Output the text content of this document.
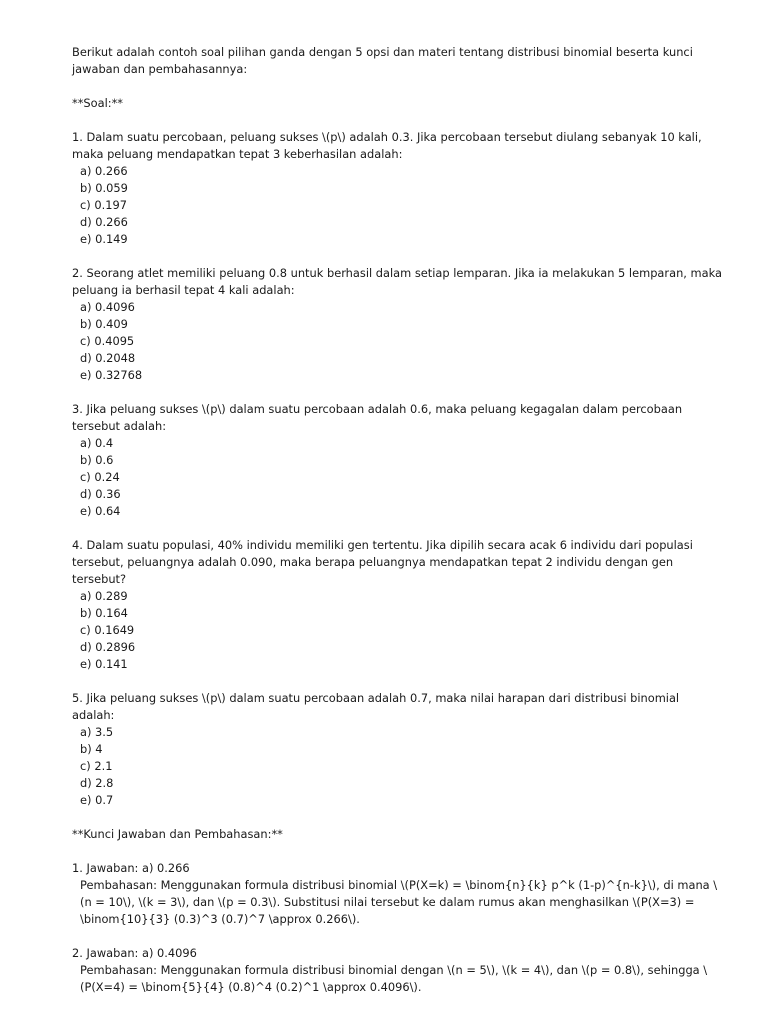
Berikut adalah contoh soal pilihan ganda dengan 5 opsi dan materi tentang distribusi binomial beserta kunci jawaban dan pembahasannya:

**Soal:**

1. Dalam suatu percobaan, peluang sukses \(p\) adalah 0.3. Jika percobaan tersebut diulang sebanyak 10 kali, maka peluang mendapatkan tepat 3 keberhasilan adalah:
a) 0.266
b) 0.059
c) 0.197
d) 0.266
e) 0.149
2. Seorang atlet memiliki peluang 0.8 untuk berhasil dalam setiap lemparan. Jika ia melakukan 5 lemparan, maka peluang ia berhasil tepat 4 kali adalah:
a) 0.4096
b) 0.409
c) 0.4095
d) 0.2048
e) 0.32768
3. Jika peluang sukses \(p\) dalam suatu percobaan adalah 0.6, maka peluang kegagalan dalam percobaan tersebut adalah:
a) 0.4
b) 0.6
c) 0.24
d) 0.36
e) 0.64
4. Dalam suatu populasi, 40% individu memiliki gen tertentu. Jika dipilih secara acak 6 individu dari populasi tersebut, peluangnya adalah 0.090, maka berapa peluangnya mendapatkan tepat 2 individu dengan gen tersebut?
a) 0.289
b) 0.164
c) 0.1649
d) 0.2896
e) 0.141
5. Jika peluang sukses \(p\) dalam suatu percobaan adalah 0.7, maka nilai harapan dari distribusi binomial adalah:
a) 3.5
b) 4
c) 2.1
d) 2.8
e) 0.7

**Kunci Jawaban dan Pembahasan:**

1. Jawaban: a) 0.266
Pembahasan: Menggunakan formula distribusi binomial \(P(X=k) = \binom{n}{k} p^k (1-p)^{n-k}\), di mana \(n = 10\), \(k = 3\), dan \(p = 0.3\). Substitusi nilai tersebut ke dalam rumus akan menghasilkan \(P(X=3) = \binom{10}{3} (0.3)^3 (0.7)^7 \approx 0.266\).
2. Jawaban: a) 0.4096
Pembahasan: Menggunakan formula distribusi binomial dengan \(n = 5\), \(k = 4\), dan \(p = 0.8\), sehingga \(P(X=4) = \binom{5}{4} (0.8)^4 (0.2)^1 \approx 0.4096\).
